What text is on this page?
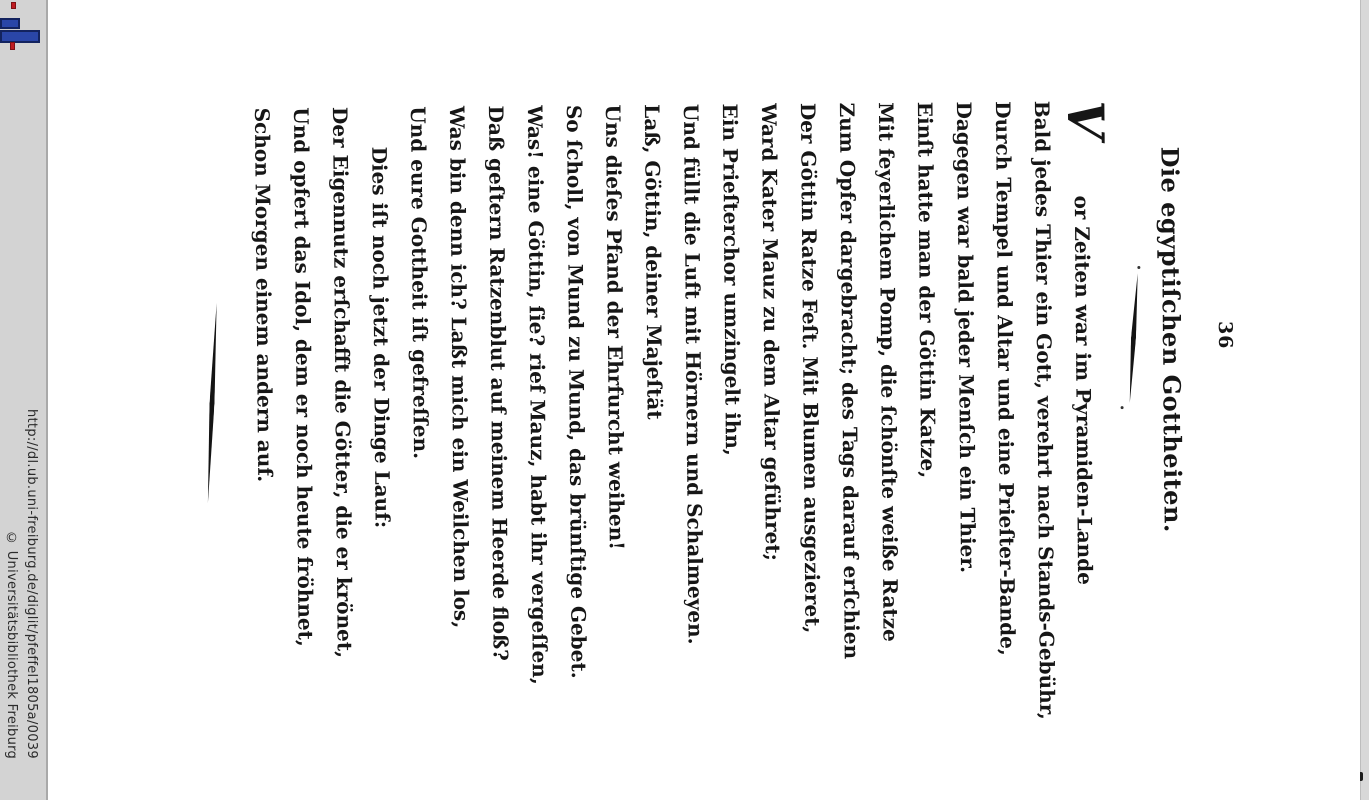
http://dl.ub.uni-freiburg.de/diglit/pfeffel1805a/0039
© Universitätsbibliothek Freiburg
36
Die egyptiſchen Gottheiten.
Vor Zeiten war im Pyramiden-Lande
Bald jedes Thier ein Gott, verehrt nach Stands-Gebühr,
Durch Tempel und Altar und eine Prieſter-Bande,
Dagegen war bald jeder Menſch ein Thier.
Einſt hatte man der Göttin Katze,
Mit feyerlichem Pomp, die ſchönſte weiße Ratze
Zum Opfer dargebracht; des Tags darauf erſchien
Der Göttin Ratze Feſt. Mit Blumen ausgezieret,
Ward Kater Mauz zu dem Altar geführet;
Ein Prieſterchor umzingelt ihn,
Und füllt die Luft mit Hörnern und Schalmeyen.
Laß, Göttin, deiner Majeſtät
Uns dieſes Pfand der Ehrfurcht weihen!
So ſcholl, von Mund zu Mund, das brünſtige Gebet.
Was! eine Göttin, ſie? rief Mauz, habt ihr vergeſſen,
Daß geſtern Ratzenblut auf meinem Heerde floß?
Was bin denn ich? Laßt mich ein Weilchen los,
Und eure Gottheit iſt gefreſſen.
Dies iſt noch jetzt der Dinge Lauf:
Der Eigennutz erſchafft die Götter, die er krönet,
Und opfert das Idol, dem er noch heute fröhnet,
Schon Morgen einem andern auf.
